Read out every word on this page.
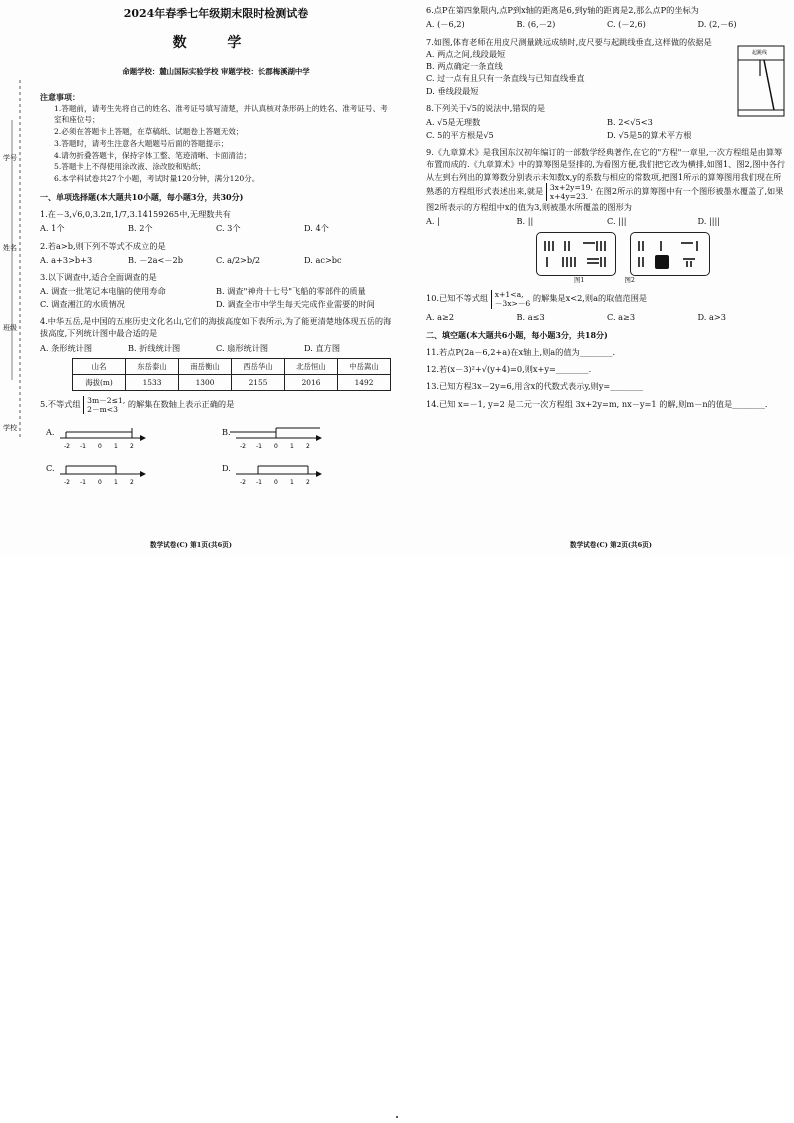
学号
姓名
班级
学校
2024年春季七年级期末限时检测试卷
数 学
命题学校：麓山国际实验学校 审题学校：长郡梅溪湖中学
注意事项：
1.答题前，请考生先将自己的姓名、准考证号填写清楚，并认真核对条形码上的姓名、准考证号、考室和座位号；
2.必须在答题卡上答题，在草稿纸、试题卷上答题无效；
3.答题时，请考生注意各大题题号后面的答题提示；
4.请勿折叠答题卡，保持字体工整、笔迹清晰、卡面清洁；
5.答题卡上不得使用涂改液、涂改胶和贴纸；
6.本学科试卷共27个小题，考试时量120分钟，满分120分。
一、单项选择题(本大题共10小题，每小题3分，共30分)
1.在－3,√6,0,3.2π,1/7,3.14159265中,无理数共有
A. 1个	B. 2个	C. 3个	D. 4个
2.若a>b,则下列不等式不成立的是
A. a+3>b+3	B. －2a<－2b	C. a/2>b/2	D. ac>bc
3.以下调查中,适合全面调查的是
A. 调查一批笔记本电脑的使用寿命	B. 调查"神舟十七号"飞船的零部件的质量
C. 调查湘江的水质情况	D. 调查全市中学生每天完成作业需要的时间
4.中华五岳,是中国的五座历史文化名山,它们的海拔高度如下表所示,为了能更清楚地体现五岳的海拔高度,下列统计图中最合适的是
A. 条形统计图	B. 折线统计图	C. 扇形统计图	D. 直方图
山名	东岳泰山	南岳衡山	西岳华山	北岳恒山	中岳嵩山
海拔(m)	1533	1300	2155	2016	1492
5.不等式组 3m－2≤1,
2－m<3 的解集在数轴上表示正确的是
A.
-2 -1 0 1 2
B.
-2 -1 0 1 2
C.
-2 -1 0 1 2
D.
-2 -1 0 1 2
6.点P在第四象限内,点P到x轴的距离是6,到y轴的距离是2,那么点P的坐标为
A. (－6,2)	B. (6,－2)	C. (－2,6)	D. (2,－6)
7.如图,体育老师在用皮尺测量跳远成绩时,皮尺要与起跳线垂直,这样做的依据是
A. 两点之间,线段最短
B. 两点确定一条直线
C. 过一点有且只有一条直线与已知直线垂直
D. 垂线段最短
起跳线
8.下列关于√5的说法中,错误的是
A. √5是无理数	B. 2<√5<3
C. 5的平方根是√5	D. √5是5的算术平方根
9.《九章算术》是我国东汉初年编订的一部数学经典著作,在它的"方程"一章里,一次方程组是由算筹布置而成的.《九章算术》中的算筹图是竖排的,为看图方便,我们把它改为横排,如图1、图2,图中各行从左到右列出的算筹数分别表示未知数x,y的系数与相应的常数项,把图1所示的算筹图用我们现在所熟悉的方程组形式表述出来,就是 3x+2y=19,
x+4y=23. 在图2所示的算筹图中有一个图形被墨水覆盖了,如果图2所表示的方程组中x的值为3,则被墨水所覆盖的图形为
A. |	B. ||	C. |||	D. ||||
图1	图2
10.已知不等式组 x+1<a,
－3x>－6 的解集是x<2,则a的取值范围是
A. a≥2	B. a≤3	C. a≥3	D. a>3
二、填空题(本大题共6小题，每小题3分，共18分)
11.若点P(2a－6,2+a)在x轴上,则a的值为________.
12.若(x－3)²+√(y+4)=0,则x+y=________.
13.已知方程3x－2y=6,用含x的代数式表示y,则y=________
14.已知 x=－1, y=2 是二元一次方程组 3x+2y=m, nx－y=1 的解,则m－n的值是________.
数学试卷(C) 第1页(共6页)	数学试卷(C) 第2页(共6页)
